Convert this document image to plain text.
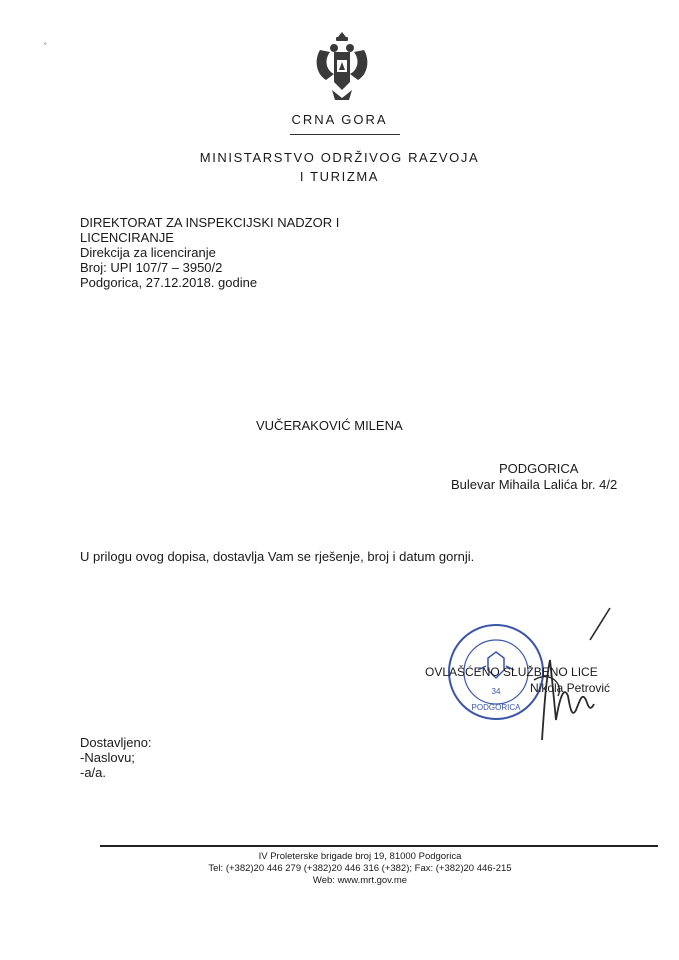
˚
CRNA GORA
MINISTARSTVO ODRŽIVOG RAZVOJA
I TURIZMA
DIREKTORAT ZA INSPEKCIJSKI NADZOR I
LICENCIRANJE
Direkcija za licenciranje
Broj: UPI 107/7 – 3950/2
Podgorica, 27.12.2018. godine
VUČERAKOVIĆ MILENA
PODGORICA
Bulevar Mihaila Lalića br. 4/2
U prilogu ovog dopisa, dostavlja Vam se rješenje, broj i datum gornji.
34
PODGORICA
OVLAŠĆENO SLUŽBENO LICE
Nikola Petrović
Dostavljeno:
-Naslovu;
-a/a.
IV Proleterske brigade broj 19, 81000 Podgorica
Tel: (+382)20 446 279 (+382)20 446 316 (+382); Fax: (+382)20 446-215
Web: www.mrt.gov.me
